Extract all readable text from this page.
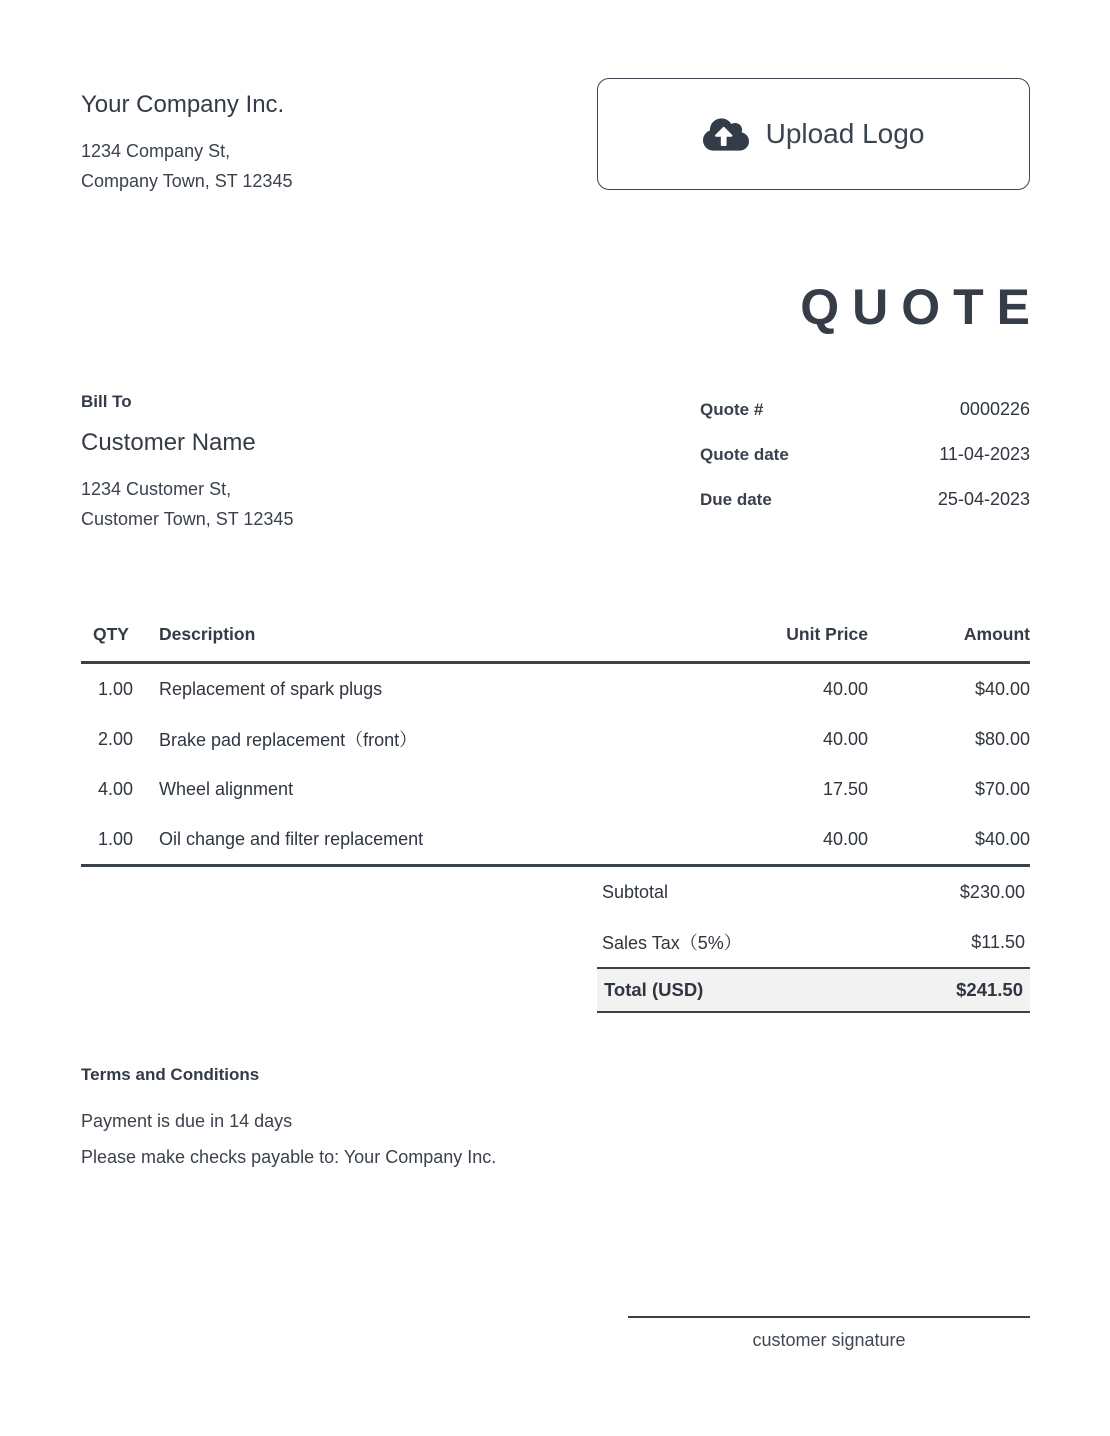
Your Company Inc.
1234 Company St,
Company Town, ST 12345
Upload Logo
QUOTE
Bill To
Customer Name
1234 Customer St,
Customer Town, ST 12345
Quote #	0000226
Quote date	11-04-2023
Due date	25-04-2023
QTY	Description	Unit Price	Amount
1.00	Replacement of spark plugs	40.00	$40.00
2.00	Brake pad replacement（front）	40.00	$80.00
4.00	Wheel alignment	17.50	$70.00
1.00	Oil change and filter replacement	40.00	$40.00
Subtotal	$230.00
Sales Tax（5%）	$11.50
Total (USD)	$241.50
Terms and Conditions
Payment is due in 14 days
Please make checks payable to: Your Company Inc.
customer signature
